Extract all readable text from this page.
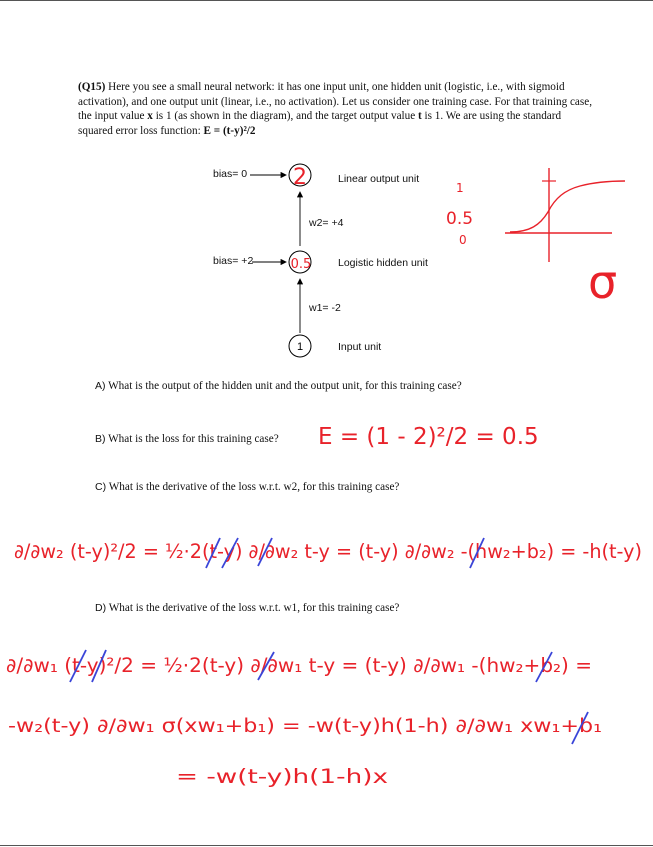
(Q15) Here you see a small neural network: it has one input unit, one hidden unit (logistic, i.e., with sigmoid activation), and one output unit (linear, i.e., no activation). Let us consider one training case. For that training case, the input value x is 1 (as shown in the diagram), and the target output value t is 1. We are using the standard squared error loss function: E = (t-y)²/2
1
bias= 0
bias= +2
w2= +4
w1= -2
Linear output unit
Logistic hidden unit
Input unit
A) What is the output of the hidden unit and the output unit, for this training case?
B) What is the loss for this training case?
C) What is the derivative of the loss w.r.t. w2, for this training case?
D) What is the derivative of the loss w.r.t. w1, for this training case?
2
0.5
1
0.5
0
σ
E = (1 - 2)²/2 = 0.5
∂/∂w₂ (t-y)²/2 = ½·2(t-y) ∂/∂w₂ t-y = (t-y) ∂/∂w₂ -(hw₂+b₂) = -h(t-y)
∂/∂w₁ (t-y)²/2 = ½·2(t-y) ∂/∂w₁ t-y = (t-y) ∂/∂w₁ -(hw₂+b₂) =
-w₂(t-y) ∂/∂w₁ σ(xw₁+b₁) = -w(t-y)h(1-h) ∂/∂w₁ xw₁+b₁
= -w(t-y)h(1-h)x
